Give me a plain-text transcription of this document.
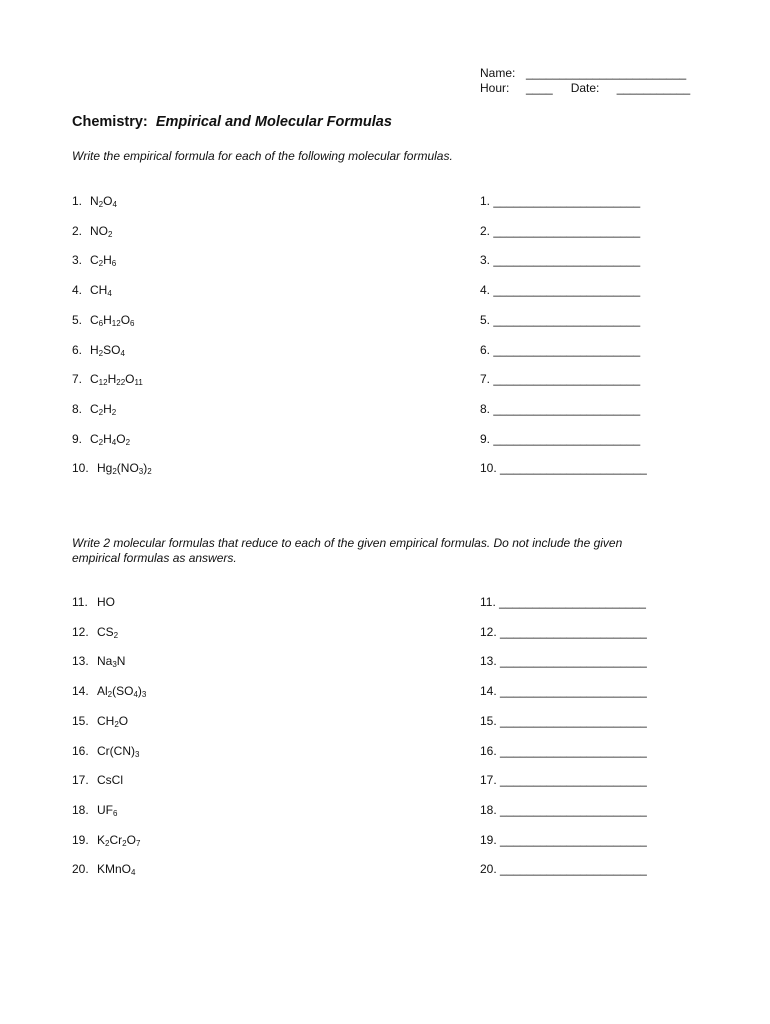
Name: ________________________
Hour:	____ Date:	___________
Chemistry: Empirical and Molecular Formulas

Write the empirical formula for each of the following molecular formulas.

1. $N_2O_4$	1. ______________________
2. $NO_2$	2. ______________________
3. $C_2H_6$	3. ______________________
4. $CH_4$	4. ______________________
5. $C_6H_{12}O_6$	5. ______________________
6. $H_2SO_4$	6. ______________________
7. $C_{12}H_{22}O_{11}$	7. ______________________
8. $C_2H_2$	8. ______________________
9. $C_2H_4O_2$	9. ______________________
10. $Hg_2(NO_3)_2$	10. ______________________

Write 2 molecular formulas that reduce to each of the given empirical formulas. Do not include the given empirical formulas as answers.

11. HO	11. ______________________
12. $CS_2$	12. ______________________
13. $Na_3N$	13. ______________________
14. $Al_2(SO_4)_3$	14. ______________________
15. $CH_2O$	15. ______________________
16. $Cr(CN)_3$	16. ______________________
17. CsCl	17. ______________________
18. $UF_6$	18. ______________________
19. $K_2Cr_2O_7$	19. ______________________
20. KMnO$_4$	20. ______________________
